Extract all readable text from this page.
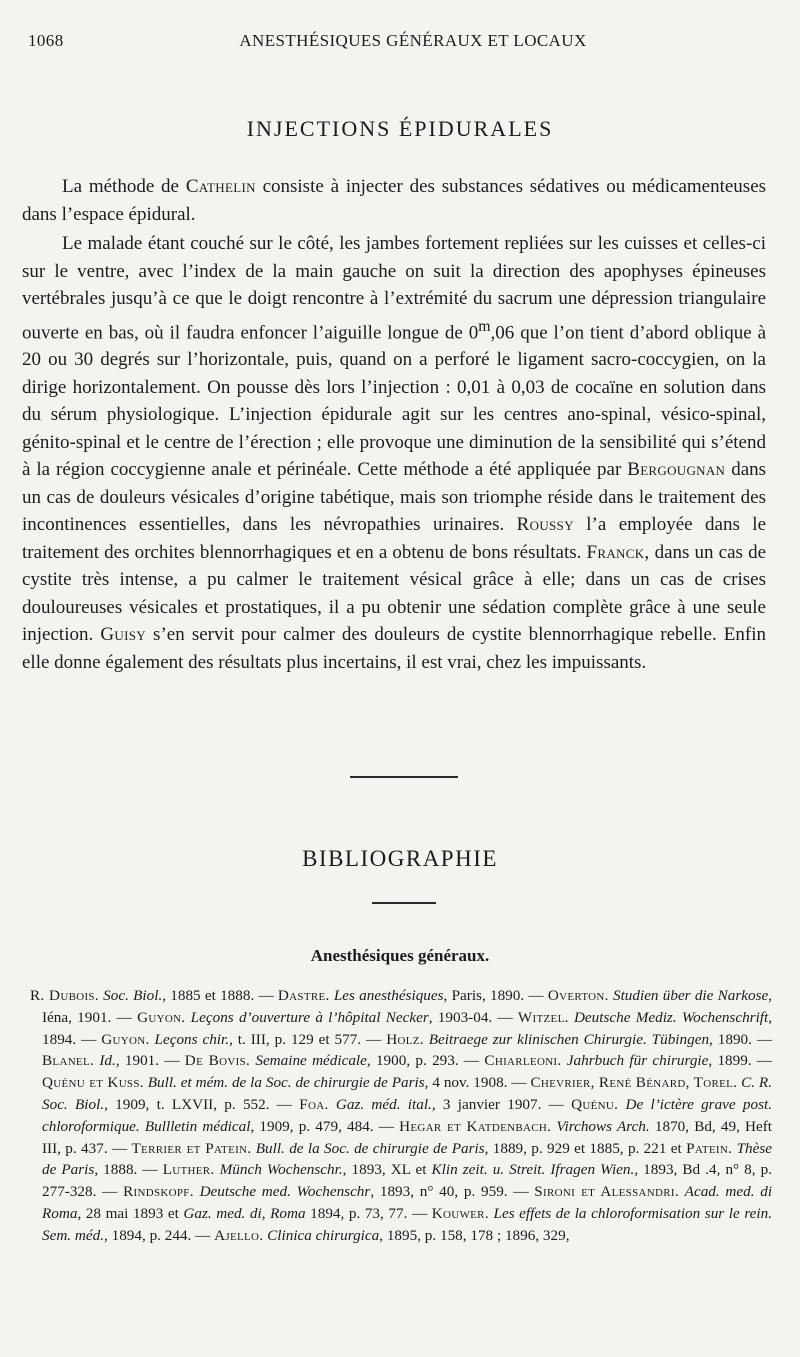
1068	ANESTHÉSIQUES GÉNÉRAUX ET LOCAUX
INJECTIONS ÉPIDURALES

La méthode de Cathelin consiste à injecter des substances sédatives ou médicamenteuses dans l’espace épidural.

Le malade étant couché sur le côté, les jambes fortement repliées sur les cuisses et celles-ci sur le ventre, avec l’index de la main gauche on suit la direction des apophyses épineuses vertébrales jusqu’à ce que le doigt rencontre à l’extrémité du sacrum une dépression triangulaire ouverte en bas, où il faudra enfoncer l’aiguille longue de 0$^m$,06 que l’on tient d’abord oblique à 20 ou 30 degrés sur l’horizontale, puis, quand on a perforé le ligament sacro-coccygien, on la dirige horizontalement. On pousse dès lors l’injection : 0,01 à 0,03 de cocaïne en solution dans du sérum physiologique. L’injection épidurale agit sur les centres ano-spinal, vésico-spinal, génito-spinal et le centre de l’érection ; elle provoque une diminution de la sensibilité qui s’étend à la région coccygienne anale et périnéale. Cette méthode a été appliquée par Bergougnan dans un cas de douleurs vésicales d’origine tabétique, mais son triomphe réside dans le traitement des incontinences essentielles, dans les névropathies urinaires. Roussy l’a employée dans le traitement des orchites blennorrhagiques et en a obtenu de bons résultats. Franck, dans un cas de cystite très intense, a pu calmer le traitement vésical grâce à elle; dans un cas de crises douloureuses vésicales et prostatiques, il a pu obtenir une sédation complète grâce à une seule injection. Guisy s’en servit pour calmer des douleurs de cystite blennorrhagique rebelle. Enfin elle donne également des résultats plus incertains, il est vrai, chez les impuissants.

BIBLIOGRAPHIE
Anesthésiques généraux.

R. Dubois. Soc. Biol., 1885 et 1888. — Dastre. Les anesthésiques, Paris, 1890. — Overton. Studien über die Narkose, Iéna, 1901. — Guyon. Leçons d’ouverture à l’hôpital Necker, 1903-04. — Witzel. Deutsche Mediz. Wochenschrift, 1894. — Guyon. Leçons chir., t. III, p. 129 et 577. — Holz. Beitraege zur klinischen Chirurgie. Tübingen, 1890. — Blanel. Id., 1901. — De Bovis. Semaine médicale, 1900, p. 293. — Chiarleoni. Jahrbuch für chirurgie, 1899. — Quénu et Kuss. Bull. et mém. de la Soc. de chirurgie de Paris, 4 nov. 1908. — Chevrier, René Bénard, Torel. C. R. Soc. Biol., 1909, t. LXVII, p. 552. — Foa. Gaz. méd. ital., 3 janvier 1907. — Quénu. De l’ictère grave post. chloroformique. Bullletin médical, 1909, p. 479, 484. — Hegar et Katdenbach. Virchows Arch. 1870, Bd, 49, Heft III, p. 437. — Terrier et Patein. Bull. de la Soc. de chirurgie de Paris, 1889, p. 929 et 1885, p. 221 et Patein. Thèse de Paris, 1888. — Luther. Münch Wochenschr., 1893, XL et Klin zeit. u. Streit. Ifragen Wien., 1893, Bd .4, n° 8, p. 277-328. — Rindskopf. Deutsche med. Wochenschr, 1893, n° 40, p. 959. — Sironi et Alessandri. Acad. med. di Roma, 28 mai 1893 et Gaz. med. di, Roma 1894, p. 73, 77. — Kouwer. Les effets de la chloroformisation sur le rein. Sem. méd., 1894, p. 244. — Ajello. Clinica chirurgica, 1895, p. 158, 178 ; 1896, 329,
